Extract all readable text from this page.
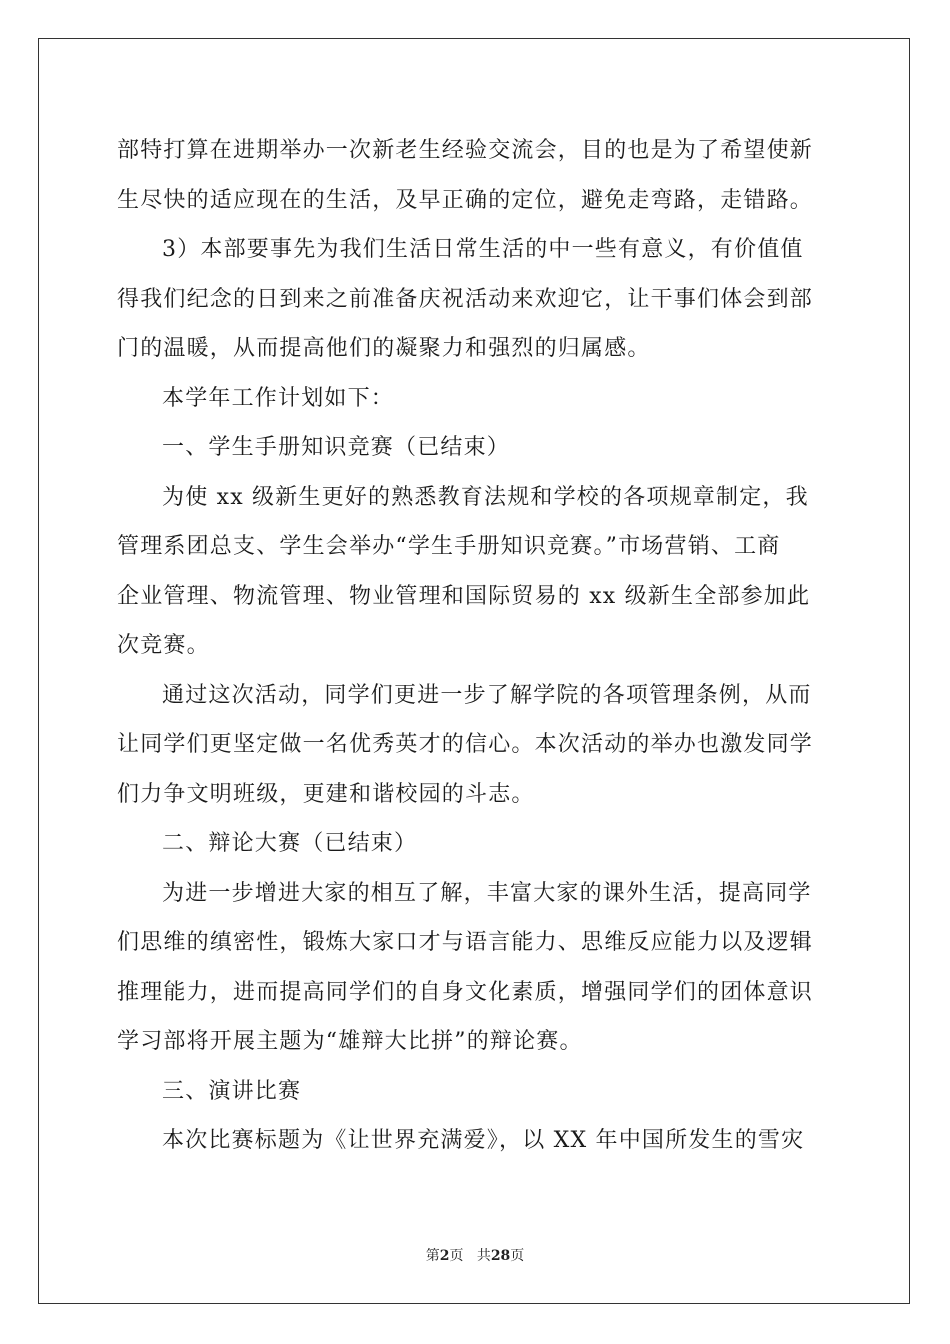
部特打算在进期举办一次新老生经验交流会，目的也是为了希望使新
生尽快的适应现在的生活，及早正确的定位，避免走弯路，走错路。
3）本部要事先为我们生活日常生活的中一些有意义，有价值值
得我们纪念的日到来之前准备庆祝活动来欢迎它，让干事们体会到部
门的温暖，从而提高他们的凝聚力和强烈的归属感。
本学年工作计划如下：
一、学生手册知识竞赛（已结束）
为使 xx 级新生更好的熟悉教育法规和学校的各项规章制定，我
管理系团总支、学生会举办“学生手册知识竞赛。”市场营销、工商
企业管理、物流管理、物业管理和国际贸易的 xx 级新生全部参加此
次竞赛。
通过这次活动，同学们更进一步了解学院的各项管理条例，从而
让同学们更坚定做一名优秀英才的信心。本次活动的举办也激发同学
们力争文明班级，更建和谐校园的斗志。
二、辩论大赛（已结束）
为进一步增进大家的相互了解，丰富大家的课外生活，提高同学
们思维的缜密性，锻炼大家口才与语言能力、思维反应能力以及逻辑
推理能力，进而提高同学们的自身文化素质，增强同学们的团体意识
学习部将开展主题为“雄辩大比拼”的辩论赛。
三、演讲比赛
本次比赛标题为《让世界充满爱》，以 XX 年中国所发生的雪灾
第2页 共28页
